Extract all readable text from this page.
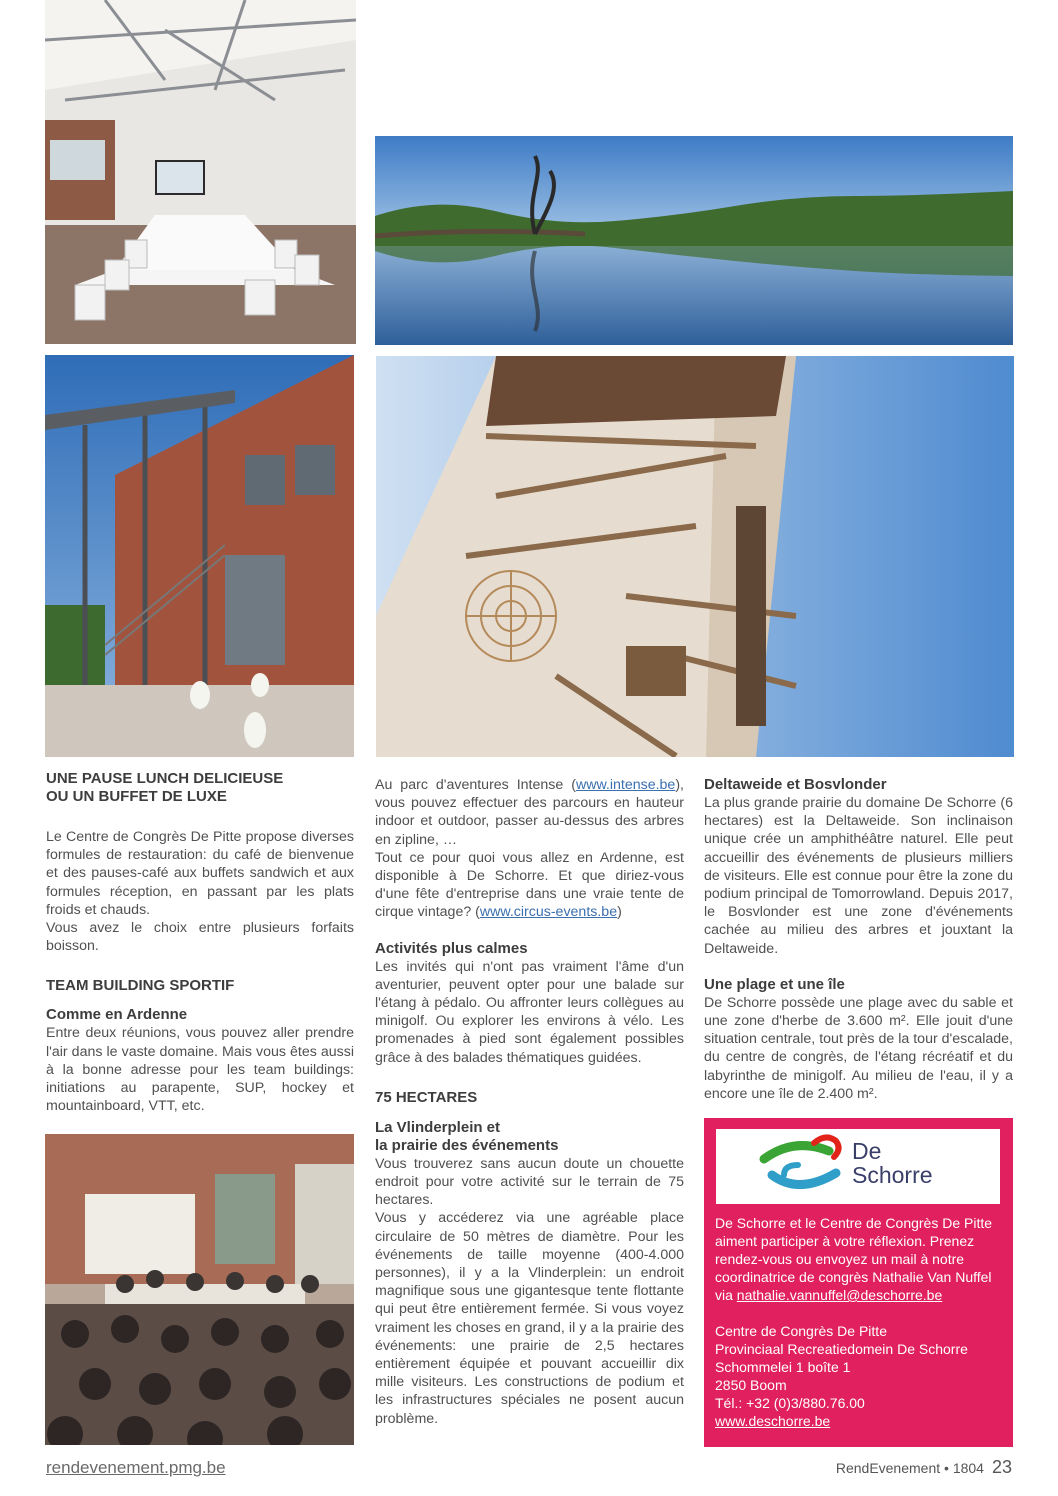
UNE PAUSE LUNCH DELICIEUSE

OU UN BUFFET DE LUXE

Le Centre de Congrès De Pitte propose diverses formules de restauration: du café de bienvenue et des pauses-café aux buffets sandwich et aux formules réception, en passant par les plats froids et chauds.

Vous avez le choix entre plusieurs forfaits boisson.

TEAM BUILDING SPORTIF

Comme en Ardenne

Entre deux réunions, vous pouvez aller prendre l'air dans le vaste domaine. Mais vous êtes aussi à la bonne adresse pour les team buildings: initiations au parapente, SUP, hockey et mountainboard, VTT, etc.

Au parc d'aventures Intense (www.intense.be), vous pouvez effectuer des parcours en hauteur indoor et outdoor, passer au-dessus des arbres en zipline, …

Tout ce pour quoi vous allez en Ardenne, est disponible à De Schorre. Et que diriez-vous d'une fête d'entreprise dans une vraie tente de cirque vintage? (www.circus-events.be)

Activités plus calmes

Les invités qui n'ont pas vraiment l'âme d'un aventurier, peuvent opter pour une balade sur l'étang à pédalo. Ou affronter leurs collègues au minigolf. Ou explorer les environs à vélo. Les promenades à pied sont également possibles grâce à des balades thématiques guidées.

75 HECTARES

La Vlinderplein et

la prairie des événements

Vous trouverez sans aucun doute un chouette endroit pour votre activité sur le terrain de 75 hectares.

Vous y accéderez via une agréable place circulaire de 50 mètres de diamètre. Pour les événements de taille moyenne (400-4.000 personnes), il y a la Vlinderplein: un endroit magnifique sous une gigantesque tente flottante qui peut être entièrement fermée. Si vous voyez vraiment les choses en grand, il y a la prairie des événements: une prairie de 2,5 hectares entièrement équipée et pouvant accueillir dix mille visiteurs. Les constructions de podium et les infrastructures spéciales ne posent aucun problème.

Deltaweide et Bosvlonder

La plus grande prairie du domaine De Schorre (6 hectares) est la Deltaweide. Son inclinaison unique crée un amphithéâtre naturel. Elle peut accueillir des événements de plusieurs milliers de visiteurs. Elle est connue pour être la zone du podium principal de Tomorrowland. Depuis 2017, le Bosvlonder est une zone d'événements cachée au milieu des arbres et jouxtant la Deltaweide.

Une plage et une île

De Schorre possède une plage avec du sable et une zone d'herbe de 3.600 m². Elle jouit d'une situation centrale, tout près de la tour d'escalade, du centre de congrès, de l'étang récréatif et du labyrinthe de minigolf. Au milieu de l'eau, il y a encore une île de 2.400 m².

De
Schorre

De Schorre et le Centre de Congrès De Pitte aiment participer à votre réflexion. Prenez rendez-vous ou envoyez un mail à notre coordinatrice de congrès Nathalie Van Nuffel via nathalie.vannuffel@deschorre.be

Centre de Congrès De Pitte

Provinciaal Recreatiedomein De Schorre

Schommelei 1 boîte 1

2850 Boom

Tél.: +32 (0)3/880.76.00

www.deschorre.be

rendevenement.pmg.be	RendEvenement • 1804 23
